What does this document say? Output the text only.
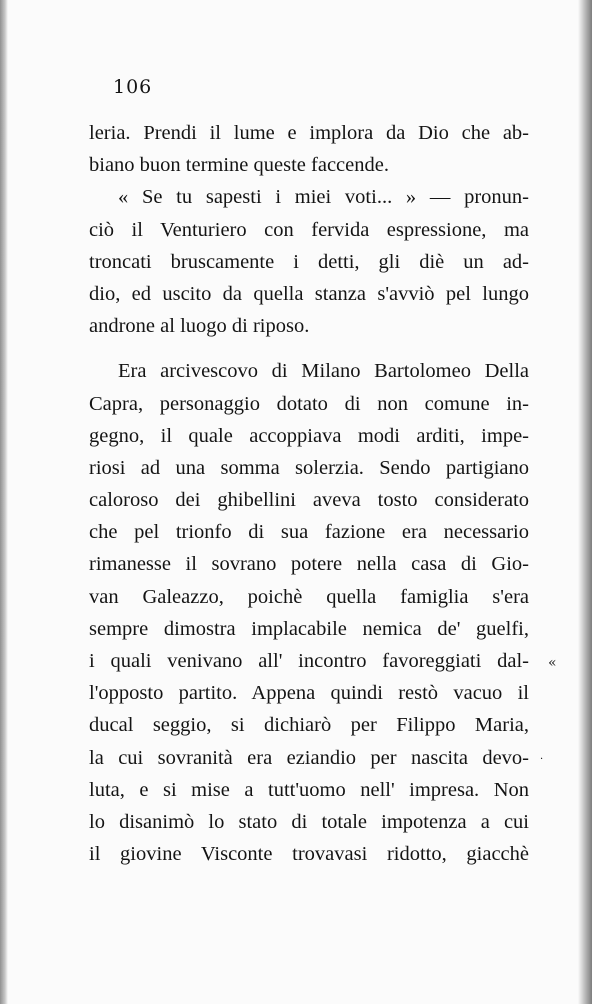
106
leria. Prendi il lume e implora da Dio che ab-
biano buon termine queste faccende.
« Se tu sapesti i miei voti... » — pronun-
ciò il Venturiero con fervida espressione, ma
troncati bruscamente i detti, gli diè un ad-
dio, ed uscito da quella stanza s'avviò pel lungo
androne al luogo di riposo.
Era arcivescovo di Milano Bartolomeo Della
Capra, personaggio dotato di non comune in-
gegno, il quale accoppiava modi arditi, impe-
riosi ad una somma solerzia. Sendo partigiano
caloroso dei ghibellini aveva tosto considerato
che pel trionfo di sua fazione era necessario
rimanesse il sovrano potere nella casa di Gio-
van Galeazzo, poichè quella famiglia s'era
sempre dimostra implacabile nemica de' guelfi,
i quali venivano all' incontro favoreggiati dal-
l'opposto partito. Appena quindi restò vacuo il
ducal seggio, si dichiarò per Filippo Maria,
la cui sovranità era eziandio per nascita devo-
luta, e si mise a tutt'uomo nell' impresa. Non
lo disanimò lo stato di totale impotenza a cui
il giovine Visconte trovavasi ridotto, giacchè
«
·
